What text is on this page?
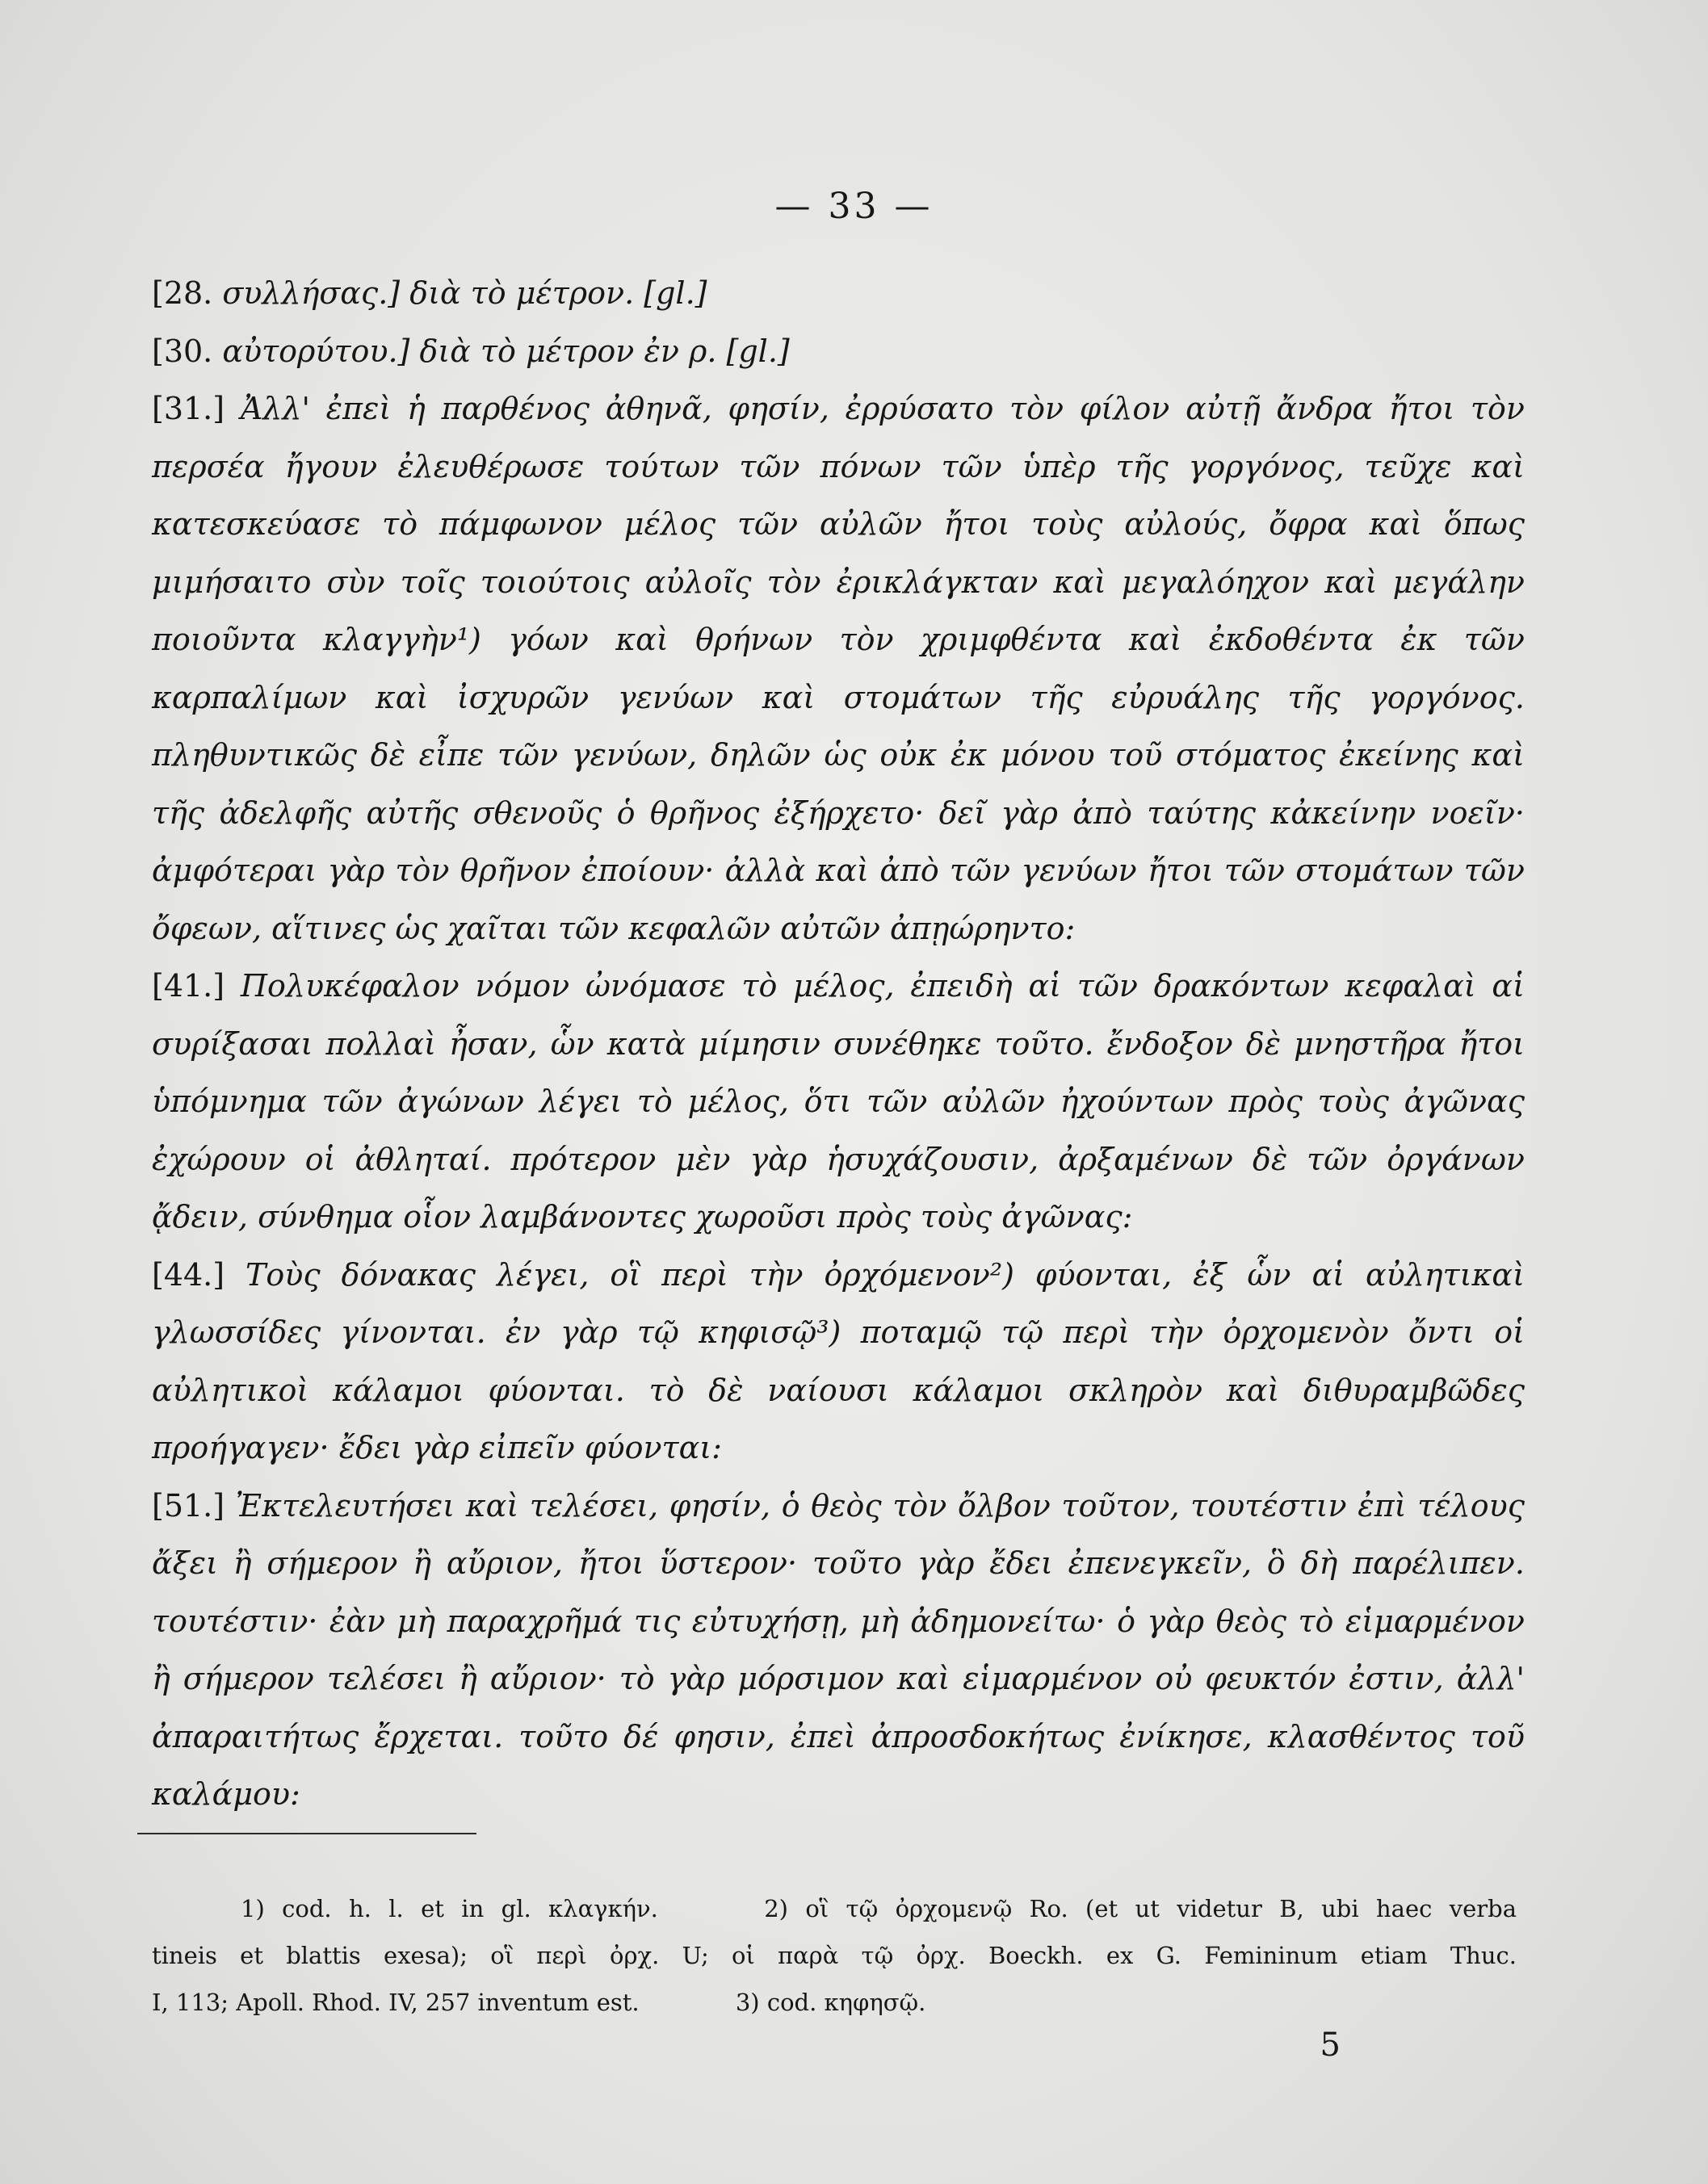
— 33 —

[28. συλλήσας.] διὰ τὸ μέτρον. [gl.]

[30. αὐτορύτου.] διὰ τὸ μέτρον ἐν ρ. [gl.]

[31.] Ἀλλ' ἐπεὶ ἡ παρθένος ἀθηνᾶ, φησίν, ἐρρύσατο τὸν φίλον αὐτῇ ἄνδρα ἤτοι τὸν περσέα ἤγουν ἐλευθέρωσε τούτων τῶν πόνων τῶν ὑπὲρ τῆς γοργόνος, τεῦχε καὶ κατεσκεύασε τὸ πάμφωνον μέλος τῶν αὐλῶν ἤτοι τοὺς αὐλούς, ὄφρα καὶ ὅπως μιμήσαιτο σὺν τοῖς τοιούτοις αὐλοῖς τὸν ἐρικλάγκταν καὶ μεγαλόηχον καὶ μεγάλην ποιοῦντα κλαγγὴν¹) γόων καὶ θρήνων τὸν χριμφθέντα καὶ ἐκδοθέντα ἐκ τῶν καρπαλίμων καὶ ἰσχυρῶν γενύων καὶ στομάτων τῆς εὐρυάλης τῆς γοργόνος. πληθυντικῶς δὲ εἶπε τῶν γενύων, δηλῶν ὡς οὐκ ἐκ μόνου τοῦ στόματος ἐκείνης καὶ τῆς ἀδελφῆς αὐτῆς σθενοῦς ὁ θρῆνος ἐξήρχετο· δεῖ γὰρ ἀπὸ ταύτης κἀκείνην νοεῖν· ἀμφότεραι γὰρ τὸν θρῆνον ἐποίουν· ἀλλὰ καὶ ἀπὸ τῶν γενύων ἤτοι τῶν στομάτων τῶν ὄφεων, αἵτινες ὡς χαῖται τῶν κεφαλῶν αὐτῶν ἀπῃώρηντο:

[41.] Πολυκέφαλον νόμον ὠνόμασε τὸ μέλος, ἐπειδὴ αἱ τῶν δρακόντων κεφαλαὶ αἱ συρίξασαι πολλαὶ ἦσαν, ὧν κατὰ μίμησιν συνέθηκε τοῦτο. ἔνδοξον δὲ μνηστῆρα ἤτοι ὑπόμνημα τῶν ἀγώνων λέγει τὸ μέλος, ὅτι τῶν αὐλῶν ἠχούντων πρὸς τοὺς ἀγῶνας ἐχώρουν οἱ ἀθληταί. πρότερον μὲν γὰρ ἡσυχάζουσιν, ἀρξαμένων δὲ τῶν ὀργάνων ᾄδειν, σύνθημα οἷον λαμβάνοντες χωροῦσι πρὸς τοὺς ἀγῶνας:

[44.] Τοὺς δόνακας λέγει, οἳ περὶ τὴν ὀρχόμενον²) φύονται, ἐξ ὧν αἱ αὐλητικαὶ γλωσσίδες γίνονται. ἐν γὰρ τῷ κηφισῷ³) ποταμῷ τῷ περὶ τὴν ὀρχομενὸν ὄντι οἱ αὐλητικοὶ κάλαμοι φύονται. τὸ δὲ ναίουσι κάλαμοι σκληρὸν καὶ διθυραμβῶδες προήγαγεν· ἔδει γὰρ εἰπεῖν φύονται:

[51.] Ἐκτελευτήσει καὶ τελέσει, φησίν, ὁ θεὸς τὸν ὄλβον τοῦτον, τουτέστιν ἐπὶ τέλους ἄξει ἢ σήμερον ἢ αὔριον, ἤτοι ὕστερον· τοῦτο γὰρ ἔδει ἐπενεγκεῖν, ὃ δὴ παρέλιπεν. τουτέστιν· ἐὰν μὴ παραχρῆμά τις εὐτυχήσῃ, μὴ ἀδημονείτω· ὁ γὰρ θεὸς τὸ εἱμαρμένον ἢ σήμερον τελέσει ἢ αὔριον· τὸ γὰρ μόρσιμον καὶ εἱμαρμένον οὐ φευκτόν ἐστιν, ἀλλ' ἀπαραιτήτως ἔρχεται. τοῦτο δέ φησιν, ἐπεὶ ἀπροσδοκήτως ἐνίκησε, κλασθέντος τοῦ καλάμου:

1) cod. h. l. et in gl. κλαγκήν.	2) οἳ τῷ ὀρχομενῷ Ro. (et ut videtur B, ubi haec verba

tineis et blattis exesa); οἳ περὶ ὀρχ. U; οἱ παρὰ τῷ ὀρχ. Boeckh. ex G. Femininum etiam Thuc.

I, 113; Apoll. Rhod. IV, 257 inventum est.	3) cod. κηφησῷ.

5
